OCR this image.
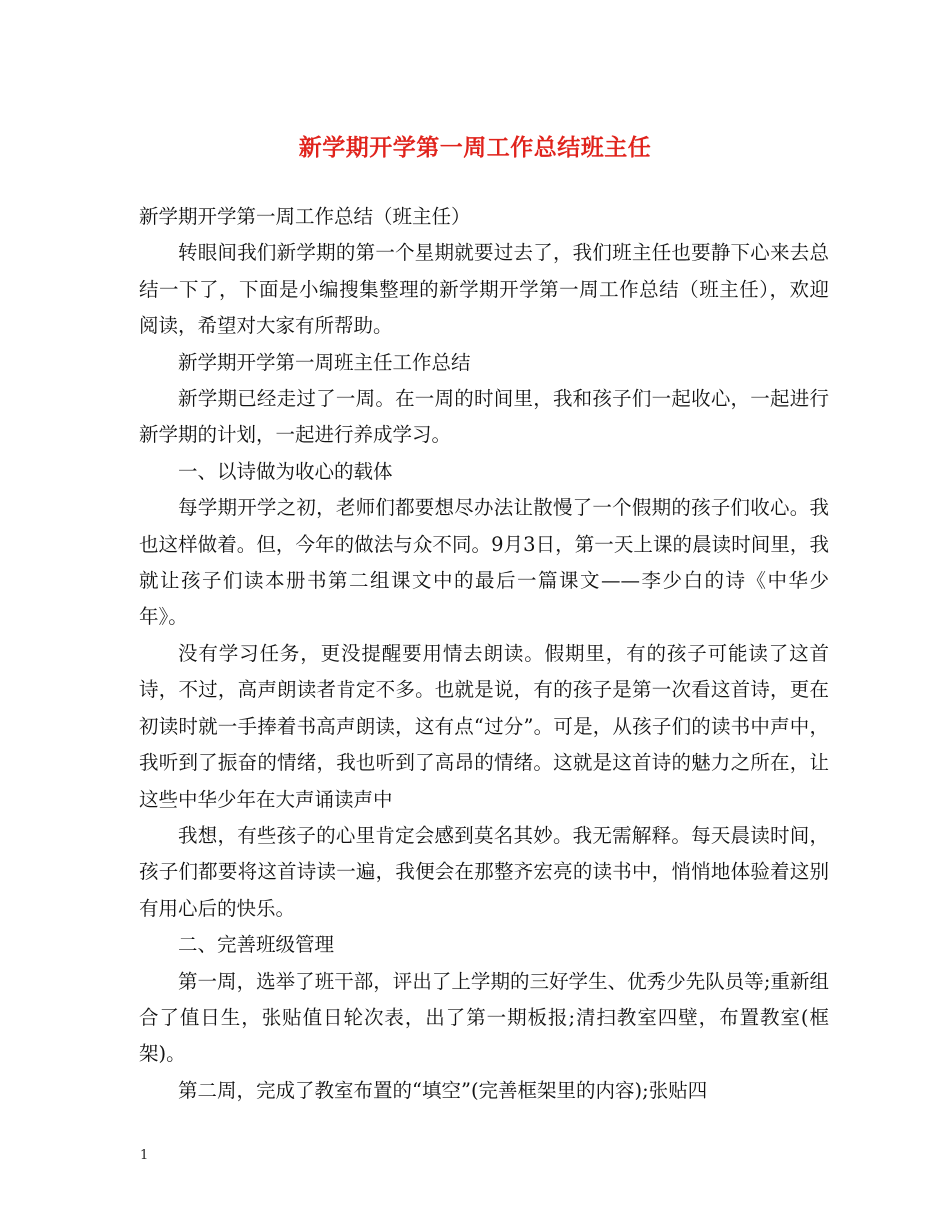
新学期开学第一周工作总结班主任

新学期开学第一周工作总结（班主任）

转眼间我们新学期的第一个星期就要过去了，我们班主任也要静下心来去总结一下了，下面是小编搜集整理的新学期开学第一周工作总结（班主任），欢迎阅读，希望对大家有所帮助。

新学期开学第一周班主任工作总结

新学期已经走过了一周。在一周的时间里，我和孩子们一起收心，一起进行新学期的计划，一起进行养成学习。

一、以诗做为收心的载体

每学期开学之初，老师们都要想尽办法让散慢了一个假期的孩子们收心。我也这样做着。但，今年的做法与众不同。9月3日，第一天上课的晨读时间里，我就让孩子们读本册书第二组课文中的最后一篇课文——李少白的诗《中华少年》。

没有学习任务，更没提醒要用情去朗读。假期里，有的孩子可能读了这首诗，不过，高声朗读者肯定不多。也就是说，有的孩子是第一次看这首诗，更在初读时就一手捧着书高声朗读，这有点“过分”。可是，从孩子们的读书中声中，我听到了振奋的情绪，我也听到了高昂的情绪。这就是这首诗的魅力之所在，让这些中华少年在大声诵读声中

我想，有些孩子的心里肯定会感到莫名其妙。我无需解释。每天晨读时间，孩子们都要将这首诗读一遍，我便会在那整齐宏亮的读书中，悄悄地体验着这别有用心后的快乐。

二、完善班级管理

第一周，选举了班干部，评出了上学期的三好学生、优秀少先队员等;重新组合了值日生，张贴值日轮次表，出了第一期板报;清扫教室四壁，布置教室(框架)。

第二周，完成了教室布置的“填空”(完善框架里的内容);张贴四

1
